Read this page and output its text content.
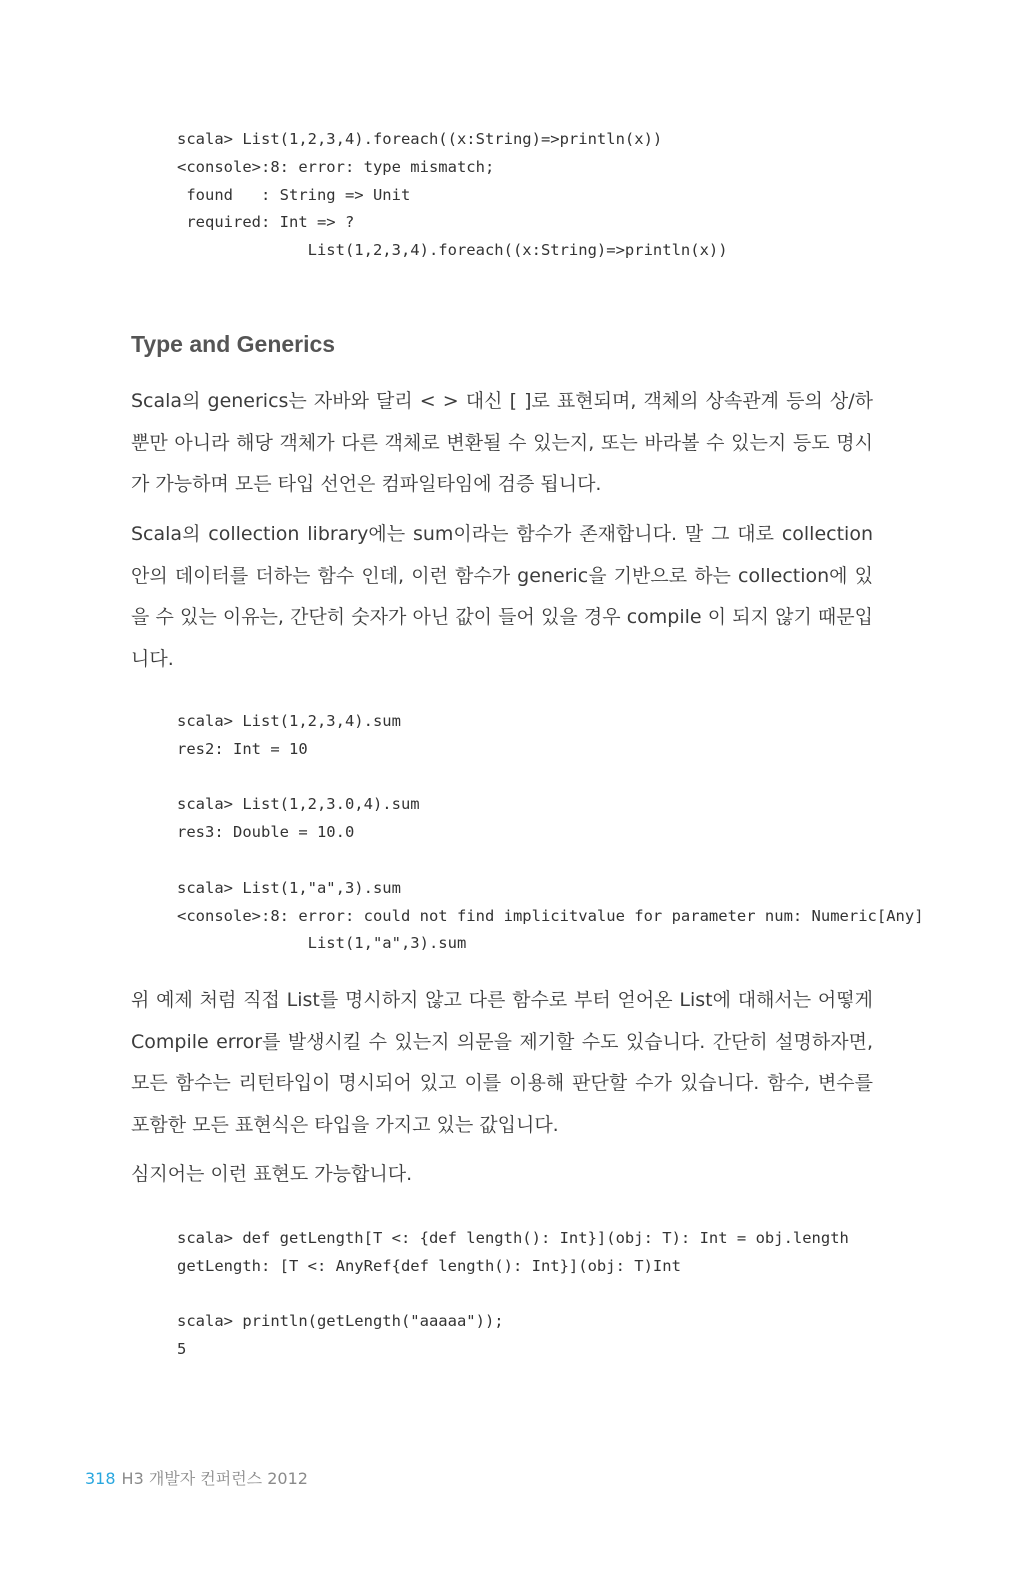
scala> List(1,2,3,4).foreach((x:String)=>println(x))
<console>:8: error: type mismatch;
found   : String => Unit
required: Int => ?
List(1,2,3,4).foreach((x:String)=>println(x))
Type and Generics

Scala의 generics는 자바와 달리 < > 대신 [ ]로 표현되며, 객체의 상속관계 등의 상/하 뿐만 아니라 해당 객체가 다른 객체로 변환될 수 있는지, 또는 바라볼 수 있는지 등도 명시가 가능하며 모든 타입 선언은 컴파일타임에 검증 됩니다.

Scala의 collection library에는 sum이라는 함수가 존재합니다. 말 그 대로 collection 안의 데이터를 더하는 함수 인데, 이런 함수가 generic을 기반으로 하는 collection에 있을 수 있는 이유는, 간단히 숫자가 아닌 값이 들어 있을 경우 compile 이 되지 않기 때문입니다.

scala> List(1,2,3,4).sum
res2: Int = 10
scala> List(1,2,3.0,4).sum
res3: Double = 10.0
scala> List(1,"a",3).sum
<console>:8: error: could not find implicitvalue for parameter num: Numeric[Any]
List(1,"a",3).sum

위 예제 처럼 직접 List를 명시하지 않고 다른 함수로 부터 얻어온 List에 대해서는 어떻게 Compile error를 발생시킬 수 있는지 의문을 제기할 수도 있습니다. 간단히 설명하자면, 모든 함수는 리턴타입이 명시되어 있고 이를 이용해 판단할 수가 있습니다. 함수, 변수를 포함한 모든 표현식은 타입을 가지고 있는 값입니다.

심지어는 이런 표현도 가능합니다.

scala> def getLength[T <: {def length(): Int}](obj: T): Int = obj.length
getLength: [T <: AnyRef{def length(): Int}](obj: T)Int
scala> println(getLength("aaaaa"));
5
318 H3 개발자 컨퍼런스 2012
